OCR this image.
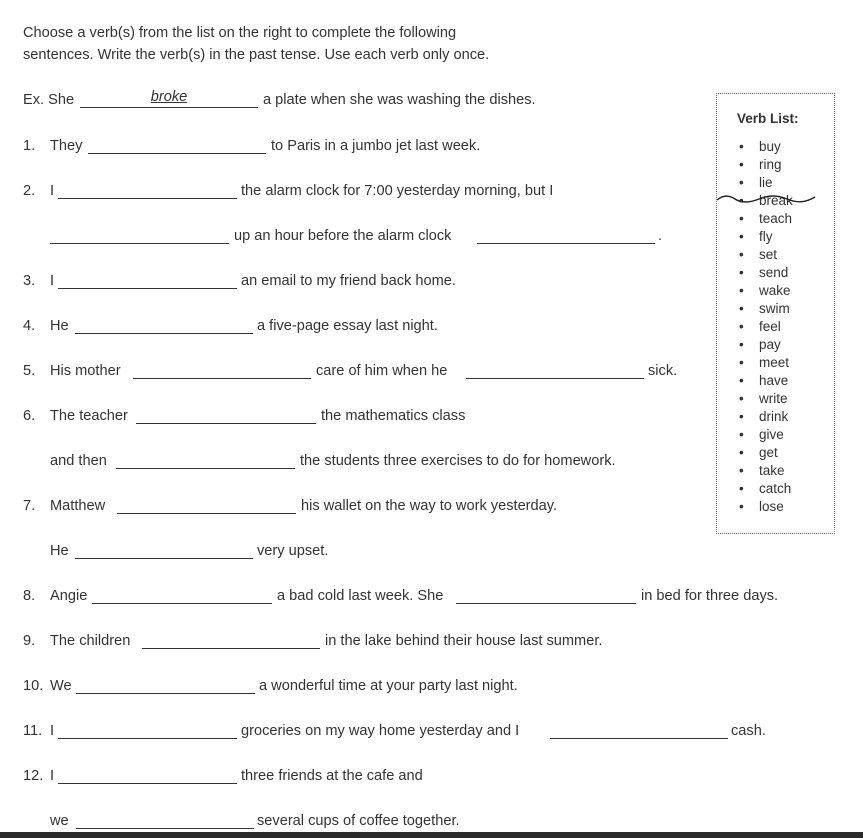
Choose a verb(s) from the list on the right to complete the following
sentences. Write the verb(s) in the past tense. Use each verb only once.
Ex. She	broke	a plate when she was washing the dishes.
1. They	to Paris in a jumbo jet last week.
2. I	the alarm clock for 7:00 yesterday morning, but I
up an hour before the alarm clock	.
3. I	an email to my friend back home.
4. He	a five-page essay last night.
5. His mother	care of him when he	sick.
6. The teacher	the mathematics class
and then	the students three exercises to do for homework.
7. Matthew	his wallet on the way to work yesterday.
He	very upset.
8. Angie	a bad cold last week. She	in bed for three days.
9. The children	in the lake behind their house last summer.
10. We	a wonderful time at your party last night.
11. I	groceries on my way home yesterday and I	cash.
12. I	three friends at the cafe and
we	several cups of coffee together.
Verb List:
• buy
• ring
• lie
• break
• teach
• fly
• set
• send
• wake
• swim
• feel
• pay
• meet
• have
• write
• drink
• give
• get
• take
• catch
• lose
